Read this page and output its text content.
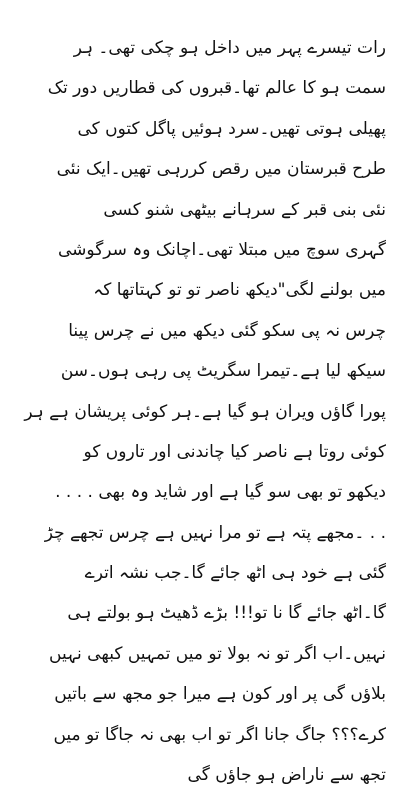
رات تیسرے پہر میں داخل ہو چکی تھی۔ ہر
سمت ہو کا عالم تھا۔قبروں کی قطاریں دور تک
پھیلی ہوتی تھیں۔سرد ہوئیں پاگل کتوں کی
طرح قبرستان میں رقص کررہی تھیں۔ایک نئی
نئی بنی قبر کے سرہانے بیٹھی شنو کسی
گہری سوچ میں مبتلا تھی۔اچانک وہ سرگوشی
میں بولنے لگی"دیکھ ناصر تو تو کہتاتھا کہ
چرس نہ پی سکو گئی دیکھ میں نے چرس پینا
سیکھ لیا ہے۔تیمرا سگریٹ پی رہی ہوں۔سن
پورا گاؤں ویران ہو گیا ہے۔ہر کوئی پریشان ہے ہر
کوئی روتا ہے ناصر کیا چاندنی اور تاروں کو
دیکھو تو بھی سو گیا ہے اور شاید وہ بھی . . . .
. . ۔مجھے پتہ ہے تو مرا نہیں ہے چرس تجھے چڑ
گئی ہے خود ہی اٹھ جائے گا۔جب نشہ اترے
گا۔اٹھ جائے گا نا تو!!! بڑے ڈھیٹ ہو بولتے ہی
نہیں۔اب اگر تو نہ بولا تو میں تمہیں کبھی نہیں
بلاؤں گی پر اور کون ہے میرا جو مجھ سے باتیں
کرے؟؟؟ جاگ جانا اگر تو اب بھی نہ جاگا تو میں
تجھ سے ناراض ہو جاؤں گی
